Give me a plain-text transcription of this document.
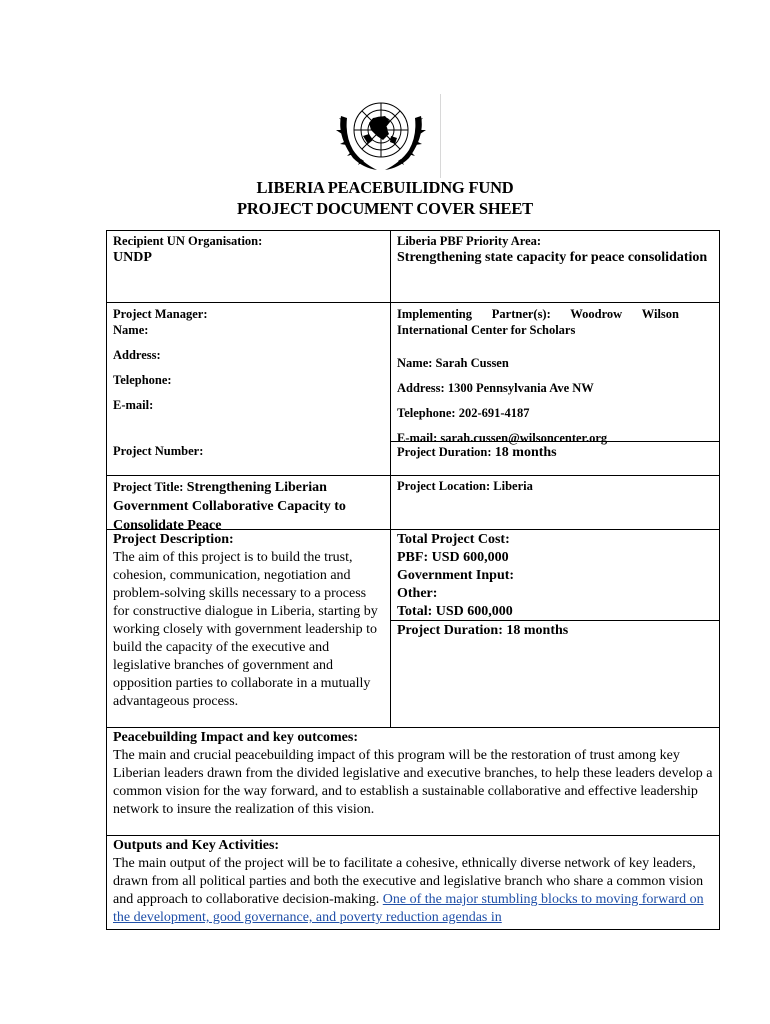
LIBERIA PEACEBUILIDNG FUND
PROJECT DOCUMENT COVER SHEET
Recipient UN Organisation:
UNDP
Liberia PBF Priority Area:
Strengthening state capacity for peace consolidation
Project Manager:
Name:
Address:
Telephone:
E-mail:
Implementing Partner(s): Woodrow Wilson International Center for Scholars
Name: Sarah Cussen
Address: 1300 Pennsylvania Ave NW
Telephone: 202-691-4187
E-mail: sarah.cussen@wilsoncenter.org
Project Number:	Project Duration: 18 months
Project Title: Strengthening Liberian Government Collaborative Capacity to Consolidate Peace
Project Location: Liberia
Project Description:
The aim of this project is to build the trust, cohesion, communication, negotiation and problem-solving skills necessary to a process for constructive dialogue in Liberia, starting by working closely with government leadership to build the capacity of the executive and legislative branches of government and opposition parties to collaborate in a mutually advantageous process.
Total Project Cost:
PBF: USD 600,000
Government Input:
Other:
Total: USD 600,000
Project Duration: 18 months
Peacebuilding Impact and key outcomes:
The main and crucial peacebuilding impact of this program will be the restoration of trust among key Liberian leaders drawn from the divided legislative and executive branches, to help these leaders develop a common vision for the way forward, and to establish a sustainable collaborative and effective leadership network to insure the realization of this vision.
Outputs and Key Activities:
The main output of the project will be to facilitate a cohesive, ethnically diverse network of key leaders, drawn from all political parties and both the executive and legislative branch who share a common vision and approach to collaborative decision-making. One of the major stumbling blocks to moving forward on the development, good governance, and poverty reduction agendas in
